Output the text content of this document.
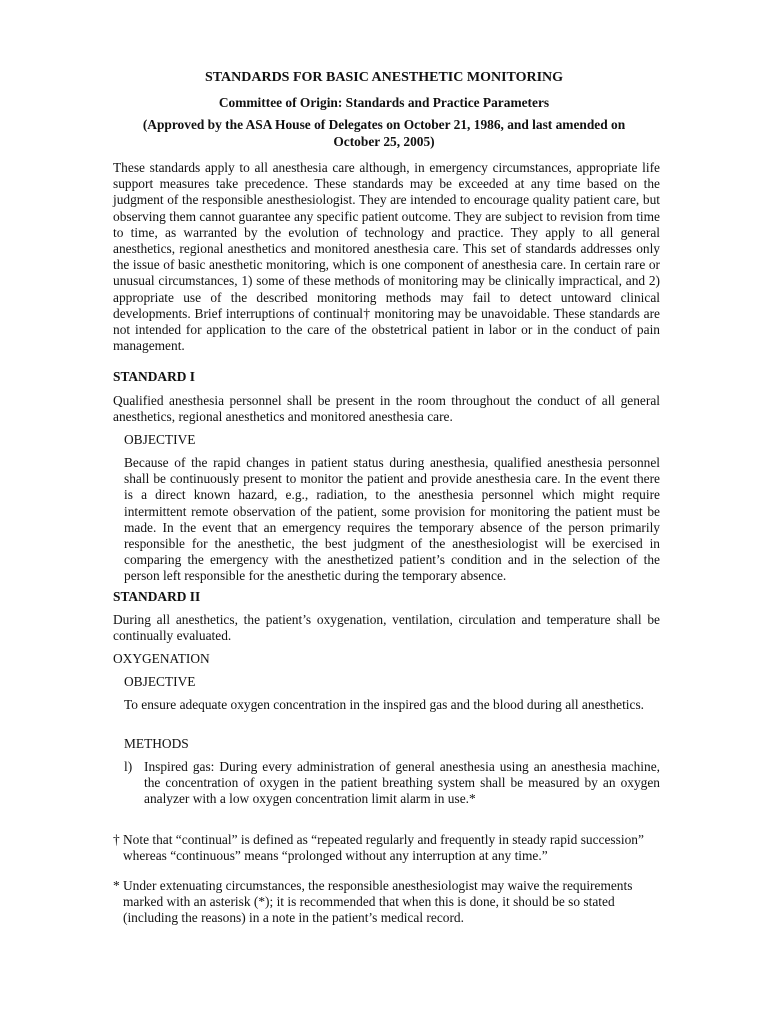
STANDARDS FOR BASIC ANESTHETIC MONITORING
Committee of Origin: Standards and Practice Parameters
(Approved by the ASA House of Delegates on October 21, 1986, and last amended on October 25, 2005)
These standards apply to all anesthesia care although, in emergency circumstances, appropriate life support measures take precedence. These standards may be exceeded at any time based on the judgment of the responsible anesthesiologist. They are intended to encourage quality patient care, but observing them cannot guarantee any specific patient outcome. They are subject to revision from time to time, as warranted by the evolution of technology and practice. They apply to all general anesthetics, regional anesthetics and monitored anesthesia care. This set of standards addresses only the issue of basic anesthetic monitoring, which is one component of anesthesia care. In certain rare or unusual circumstances, 1) some of these methods of monitoring may be clinically impractical, and 2) appropriate use of the described monitoring methods may fail to detect untoward clinical developments. Brief interruptions of continual† monitoring may be unavoidable. These standards are not intended for application to the care of the obstetrical patient in labor or in the conduct of pain management.
STANDARD I
Qualified anesthesia personnel shall be present in the room throughout the conduct of all general anesthetics, regional anesthetics and monitored anesthesia care.
OBJECTIVE
Because of the rapid changes in patient status during anesthesia, qualified anesthesia personnel shall be continuously present to monitor the patient and provide anesthesia care. In the event there is a direct known hazard, e.g., radiation, to the anesthesia personnel which might require intermittent remote observation of the patient, some provision for monitoring the patient must be made. In the event that an emergency requires the temporary absence of the person primarily responsible for the anesthetic, the best judgment of the anesthesiologist will be exercised in comparing the emergency with the anesthetized patient’s condition and in the selection of the person left responsible for the anesthetic during the temporary absence.
STANDARD II
During all anesthetics, the patient’s oxygenation, ventilation, circulation and temperature shall be continually evaluated.
OXYGENATION
OBJECTIVE
To ensure adequate oxygen concentration in the inspired gas and the blood during all anesthetics.
METHODS
l) Inspired gas: During every administration of general anesthesia using an anesthesia machine, the concentration of oxygen in the patient breathing system shall be measured by an oxygen analyzer with a low oxygen concentration limit alarm in use.*
† Note that “continual” is defined as “repeated regularly and frequently in steady rapid succession” whereas “continuous” means “prolonged without any interruption at any time.”
* Under extenuating circumstances, the responsible anesthesiologist may waive the requirements marked with an asterisk (*); it is recommended that when this is done, it should be so stated (including the reasons) in a note in the patient’s medical record.
